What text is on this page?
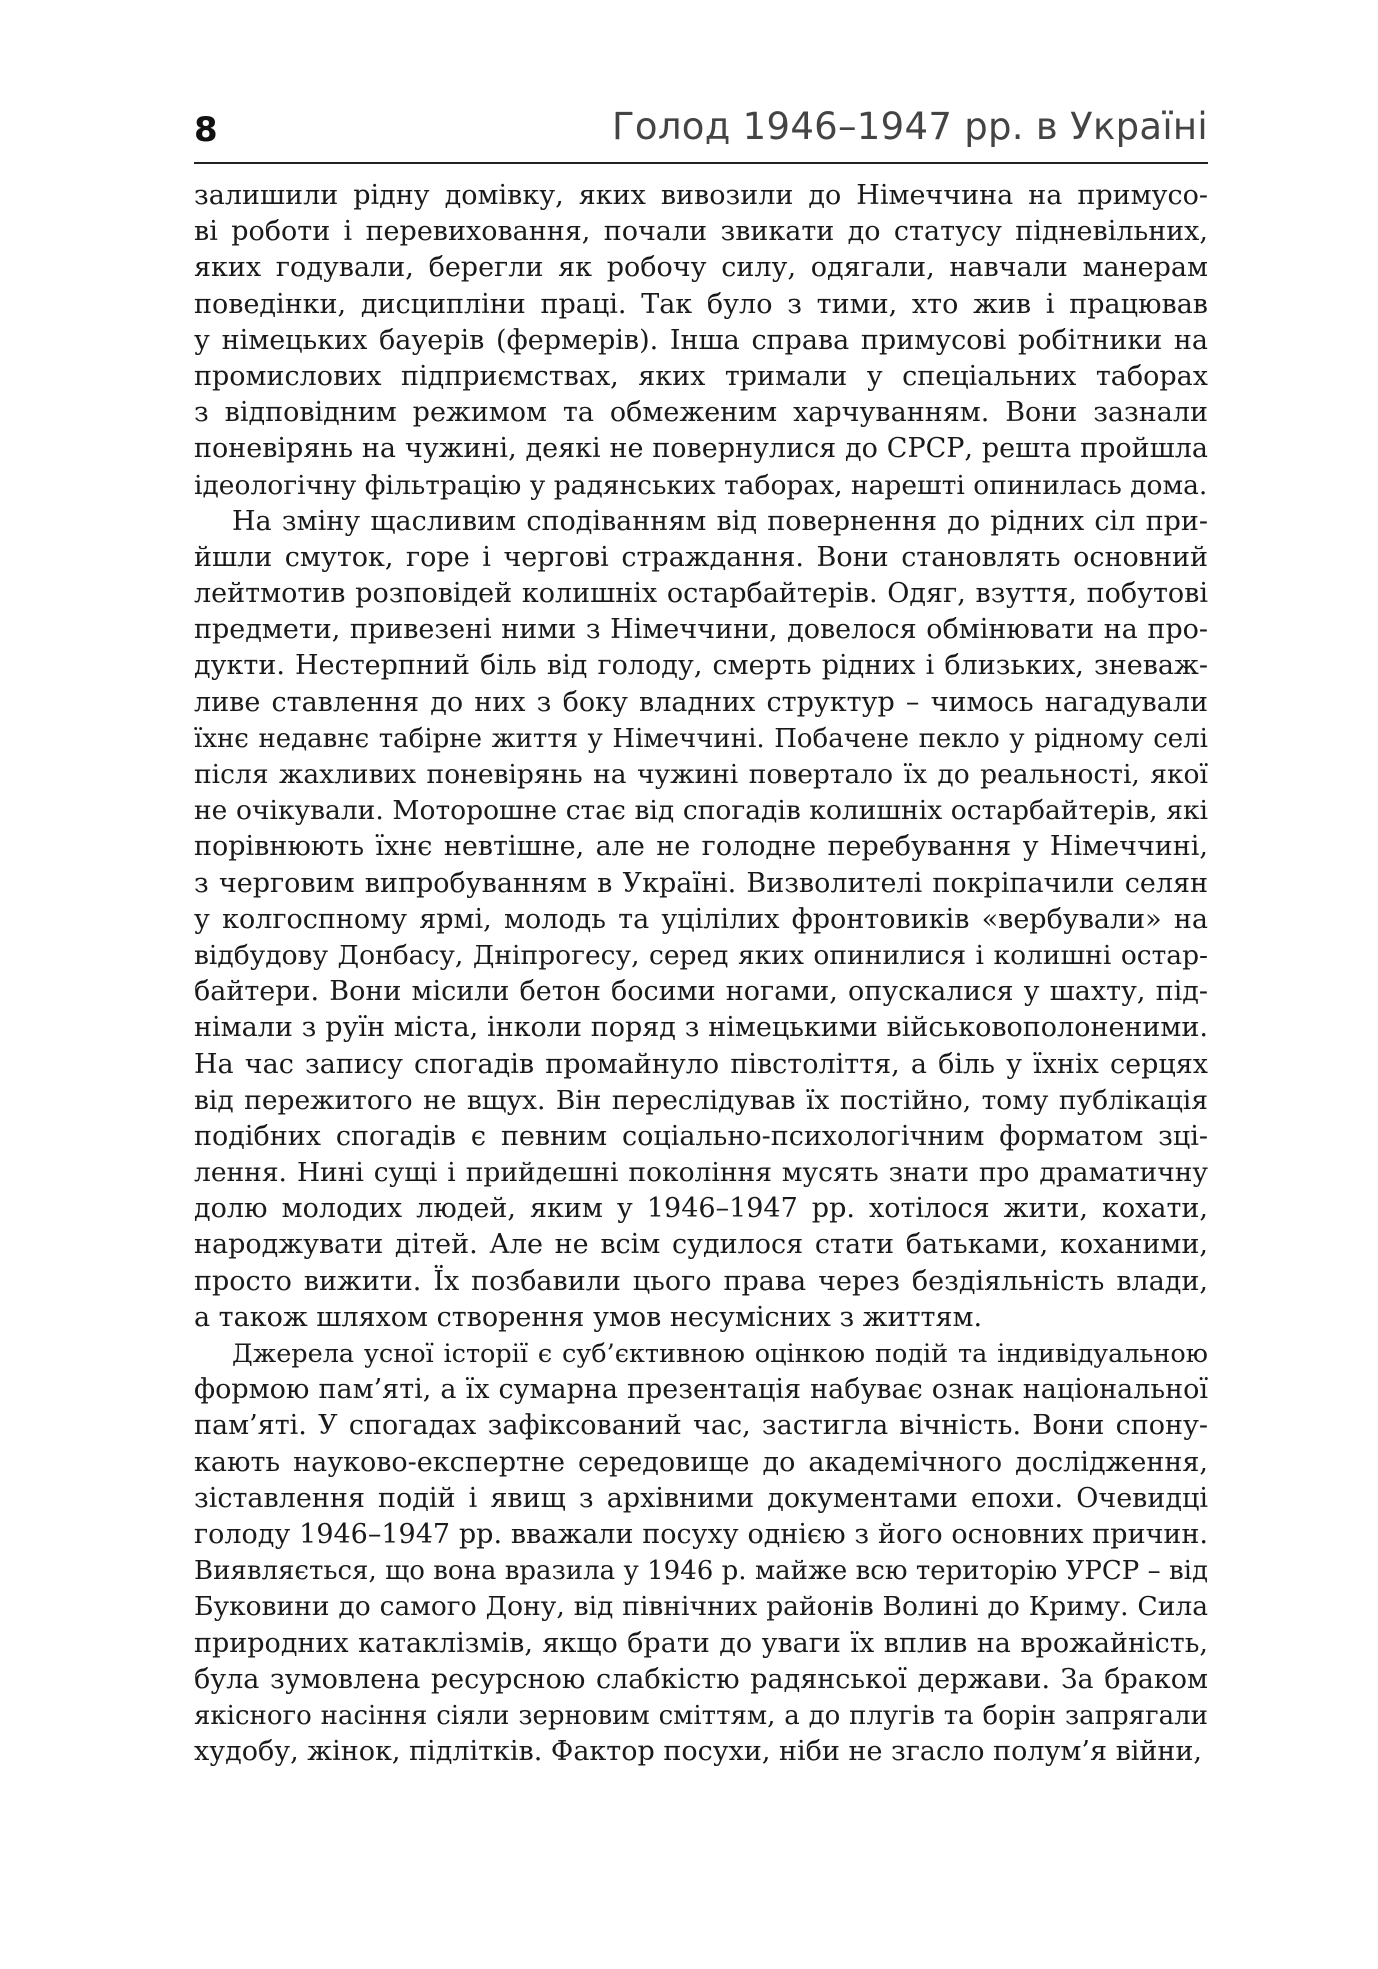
8	Голод 1946–1947 рр. в Україні
залишили рідну домівку, яких вивозили до Німеччина на примусо-
ві роботи і перевиховання, почали звикати до статусу підневільних,
яких годували, берегли як робочу силу, одягали, навчали манерам
поведінки, дисципліни праці. Так було з тими, хто жив і працював
у німецьких бауерів (фермерів). Інша справа примусові робітники на
промислових підприємствах, яких тримали у спеціальних таборах
з відповідним режимом та обмеженим харчуванням. Вони зазнали
поневірянь на чужині, деякі не повернулися до СРСР, решта пройшла
ідеологічну фільтрацію у радянських таборах, нарешті опинилась дома.
На зміну щасливим сподіванням від повернення до рідних сіл при-
йшли смуток, горе і чергові страждання. Вони становлять основний
лейтмотив розповідей колишніх остарбайтерів. Одяг, взуття, побутові
предмети, привезені ними з Німеччини, довелося обмінювати на про-
дукти. Нестерпний біль від голоду, смерть рідних і близьких, зневаж-
ливе ставлення до них з боку владних структур – чимось нагадували
їхнє недавнє табірне життя у Німеччині. Побачене пекло у рідному селі
після жахливих поневірянь на чужині повертало їх до реальності, якої
не очікували. Моторошне стає від спогадів колишніх остарбайтерів, які
порівнюють їхнє невтішне, але не голодне перебування у Німеччині,
з черговим випробуванням в Україні. Визволителі покріпачили селян
у колгоспному ярмі, молодь та уцілілих фронтовиків «вербували» на
відбудову Донбасу, Дніпрогесу, серед яких опинилися і колишні остар-
байтери. Вони місили бетон босими ногами, опускалися у шахту, під-
німали з руїн міста, інколи поряд з німецькими військовополоненими.
На час запису спогадів промайнуло півстоліття, а біль у їхніх серцях
від пережитого не вщух. Він переслідував їх постійно, тому публікація
подібних спогадів є певним соціально-психологічним форматом зці-
лення. Нині сущі і прийдешні покоління мусять знати про драматичну
долю молодих людей, яким у 1946–1947 рр. хотілося жити, кохати,
народжувати дітей. Але не всім судилося стати батьками, коханими,
просто вижити. Їх позбавили цього права через бездіяльність влади,
а також шляхом створення умов несумісних з життям.
Джерела усної історії є суб’єктивною оцінкою подій та індивідуальною
формою пам’яті, а їх сумарна презентація набуває ознак національної
пам’яті. У спогадах зафіксований час, застигла вічність. Вони спону-
кають науково-експертне середовище до академічного дослідження,
зіставлення подій і явищ з архівними документами епохи. Очевидці
голоду 1946–1947 рр. вважали посуху однією з його основних причин.
Виявляється, що вона вразила у 1946 р. майже всю територію УРСР – від
Буковини до самого Дону, від північних районів Волині до Криму. Сила
природних катаклізмів, якщо брати до уваги їх вплив на врожайність,
була зумовлена ресурсною слабкістю радянської держави. За браком
якісного насіння сіяли зерновим сміттям, а до плугів та борін запрягали
худобу, жінок, підлітків. Фактор посухи, ніби не згасло полум’я війни,
